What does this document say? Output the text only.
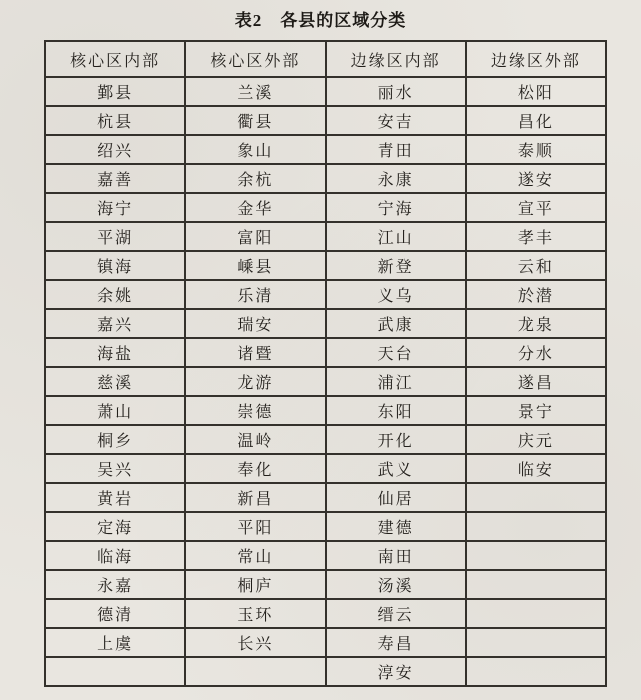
表2　各县的区域分类
核心区内部	核心区外部	边缘区内部	边缘区外部
鄞县	兰溪	丽水	松阳
杭县	衢县	安吉	昌化
绍兴	象山	青田	泰顺
嘉善	余杭	永康	遂安
海宁	金华	宁海	宣平
平湖	富阳	江山	孝丰
镇海	嵊县	新登	云和
余姚	乐清	义乌	於潜
嘉兴	瑞安	武康	龙泉
海盐	诸暨	天台	分水
慈溪	龙游	浦江	遂昌
萧山	崇德	东阳	景宁
桐乡	温岭	开化	庆元
吴兴	奉化	武义	临安
黄岩	新昌	仙居	
定海	平阳	建德	
临海	常山	南田	
永嘉	桐庐	汤溪	
德清	玉环	缙云	
上虞	长兴	寿昌	
		淳安	
